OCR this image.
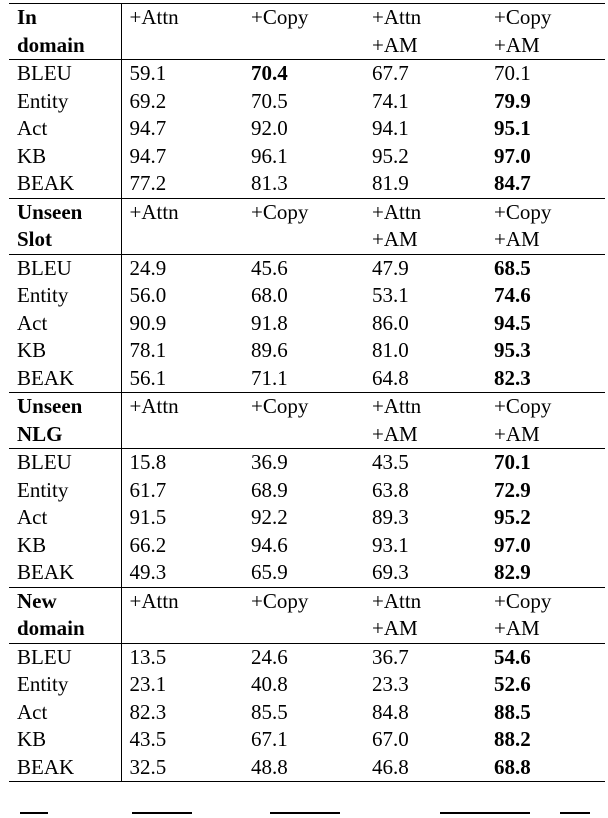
In	+Attn	+Copy	+Attn	+Copy
domain			+AM	+AM
BLEU	59.1	70.4	67.7	70.1
Entity	69.2	70.5	74.1	79.9
Act	94.7	92.0	94.1	95.1
KB	94.7	96.1	95.2	97.0
BEAK	77.2	81.3	81.9	84.7
Unseen	+Attn	+Copy	+Attn	+Copy
Slot			+AM	+AM
BLEU	24.9	45.6	47.9	68.5
Entity	56.0	68.0	53.1	74.6
Act	90.9	91.8	86.0	94.5
KB	78.1	89.6	81.0	95.3
BEAK	56.1	71.1	64.8	82.3
Unseen	+Attn	+Copy	+Attn	+Copy
NLG			+AM	+AM
BLEU	15.8	36.9	43.5	70.1
Entity	61.7	68.9	63.8	72.9
Act	91.5	92.2	89.3	95.2
KB	66.2	94.6	93.1	97.0
BEAK	49.3	65.9	69.3	82.9
New	+Attn	+Copy	+Attn	+Copy
domain			+AM	+AM
BLEU	13.5	24.6	36.7	54.6
Entity	23.1	40.8	23.3	52.6
Act	82.3	85.5	84.8	88.5
KB	43.5	67.1	67.0	88.2
BEAK	32.5	48.8	46.8	68.8
